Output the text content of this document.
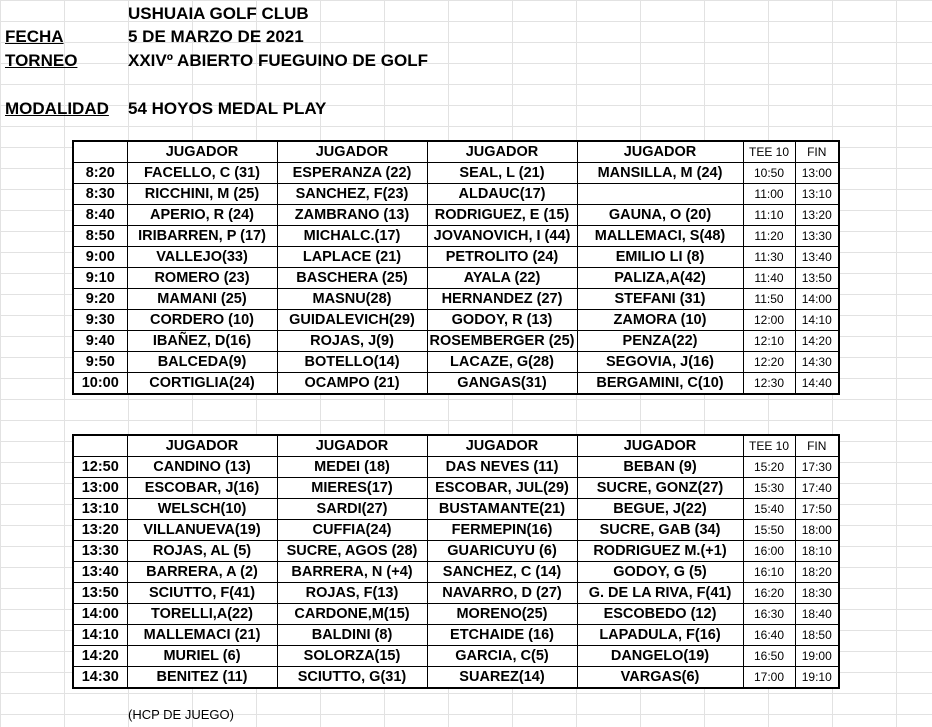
USHUAIA GOLF CLUB
FECHA	5 DE MARZO DE 2021
TORNEO	XXIVº ABIERTO FUEGUINO DE GOLF
MODALIDAD 54 HOYOS MEDAL PLAY
	JUGADOR	JUGADOR	JUGADOR	JUGADOR	TEE 10	FIN
8:20	FACELLO, C (31)	ESPERANZA (22)	SEAL, L (21)	MANSILLA, M (24)	10:50	13:00
8:30	RICCHINI, M (25)	SANCHEZ, F(23)	ALDAUC(17)		11:00	13:10
8:40	APERIO, R (24)	ZAMBRANO (13)	RODRIGUEZ, E (15)	GAUNA, O (20)	11:10	13:20
8:50	IRIBARREN, P (17)	MICHALC.(17)	JOVANOVICH, I (44)	MALLEMACI, S(48)	11:20	13:30
9:00	VALLEJO(33)	LAPLACE (21)	PETROLITO (24)	EMILIO LI (8)	11:30	13:40
9:10	ROMERO (23)	BASCHERA (25)	AYALA (22)	PALIZA,A(42)	11:40	13:50
9:20	MAMANI (25)	MASNU(28)	HERNANDEZ (27)	STEFANI (31)	11:50	14:00
9:30	CORDERO (10)	GUIDALEVICH(29)	GODOY, R (13)	ZAMORA (10)	12:00	14:10
9:40	IBAÑEZ, D(16)	ROJAS, J(9)	ROSEMBERGER (25)	PENZA(22)	12:10	14:20
9:50	BALCEDA(9)	BOTELLO(14)	LACAZE, G(28)	SEGOVIA, J(16)	12:20	14:30
10:00	CORTIGLIA(24)	OCAMPO (21)	GANGAS(31)	BERGAMINI, C(10)	12:30	14:40
	JUGADOR	JUGADOR	JUGADOR	JUGADOR	TEE 10	FIN
12:50	CANDINO (13)	MEDEI (18)	DAS NEVES (11)	BEBAN (9)	15:20	17:30
13:00	ESCOBAR, J(16)	MIERES(17)	ESCOBAR, JUL(29)	SUCRE, GONZ(27)	15:30	17:40
13:10	WELSCH(10)	SARDI(27)	BUSTAMANTE(21)	BEGUE, J(22)	15:40	17:50
13:20	VILLANUEVA(19)	CUFFIA(24)	FERMEPIN(16)	SUCRE, GAB (34)	15:50	18:00
13:30	ROJAS, AL (5)	SUCRE, AGOS (28)	GUARICUYU (6)	RODRIGUEZ M.(+1)	16:00	18:10
13:40	BARRERA, A (2)	BARRERA, N (+4)	SANCHEZ, C (14)	GODOY, G (5)	16:10	18:20
13:50	SCIUTTO, F(41)	ROJAS, F(13)	NAVARRO, D (27)	G. DE LA RIVA, F(41)	16:20	18:30
14:00	TORELLI,A(22)	CARDONE,M(15)	MORENO(25)	ESCOBEDO (12)	16:30	18:40
14:10	MALLEMACI (21)	BALDINI (8)	ETCHAIDE (16)	LAPADULA, F(16)	16:40	18:50
14:20	MURIEL (6)	SOLORZA(15)	GARCIA, C(5)	DANGELO(19)	16:50	19:00
14:30	BENITEZ (11)	SCIUTTO, G(31)	SUAREZ(14)	VARGAS(6)	17:00	19:10
(HCP DE JUEGO)
